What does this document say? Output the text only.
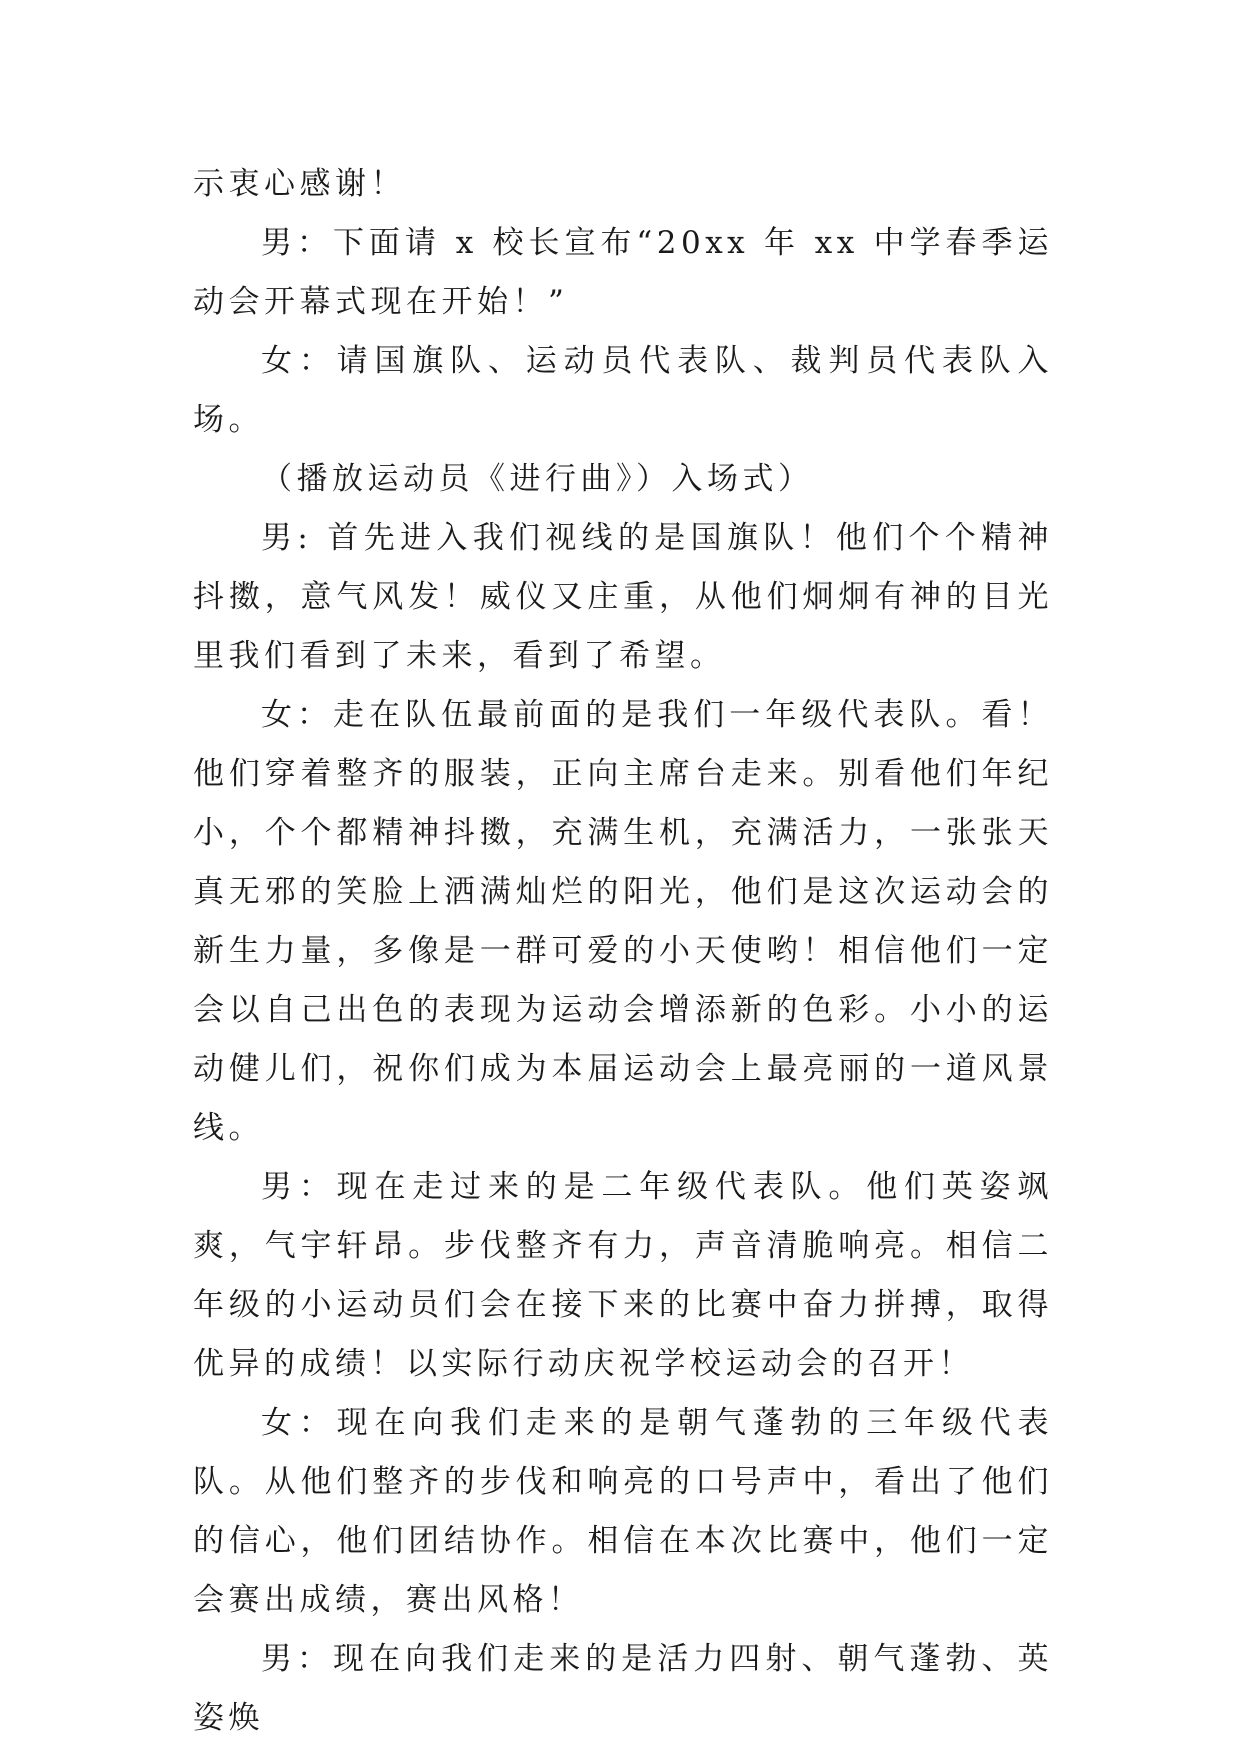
示衷心感谢！

男：下面请 x 校长宣布“20xx 年 xx 中学春季运动会开幕式现在开始！”

女：请国旗队、运动员代表队、裁判员代表队入场。

（播放运动员《进行曲》）入场式）

男: 首先进入我们视线的是国旗队！他们个个精神抖擞，意气风发！威仪又庄重，从他们炯炯有神的目光里我们看到了未来，看到了希望。

女：走在队伍最前面的是我们一年级代表队。看！他们穿着整齐的服装，正向主席台走来。别看他们年纪小，个个都精神抖擞，充满生机，充满活力，一张张天真无邪的笑脸上洒满灿烂的阳光，他们是这次运动会的新生力量，多像是一群可爱的小天使哟！相信他们一定会以自己出色的表现为运动会增添新的色彩。小小的运动健儿们，祝你们成为本届运动会上最亮丽的一道风景线。

男：现在走过来的是二年级代表队。他们英姿飒爽，气宇轩昂。步伐整齐有力，声音清脆响亮。相信二年级的小运动员们会在接下来的比赛中奋力拼搏，取得优异的成绩！以实际行动庆祝学校运动会的召开！

女：现在向我们走来的是朝气蓬勃的三年级代表队。从他们整齐的步伐和响亮的口号声中，看出了他们的信心，他们团结协作。相信在本次比赛中，他们一定会赛出成绩，赛出风格！

男：现在向我们走来的是活力四射、朝气蓬勃、英姿焕
